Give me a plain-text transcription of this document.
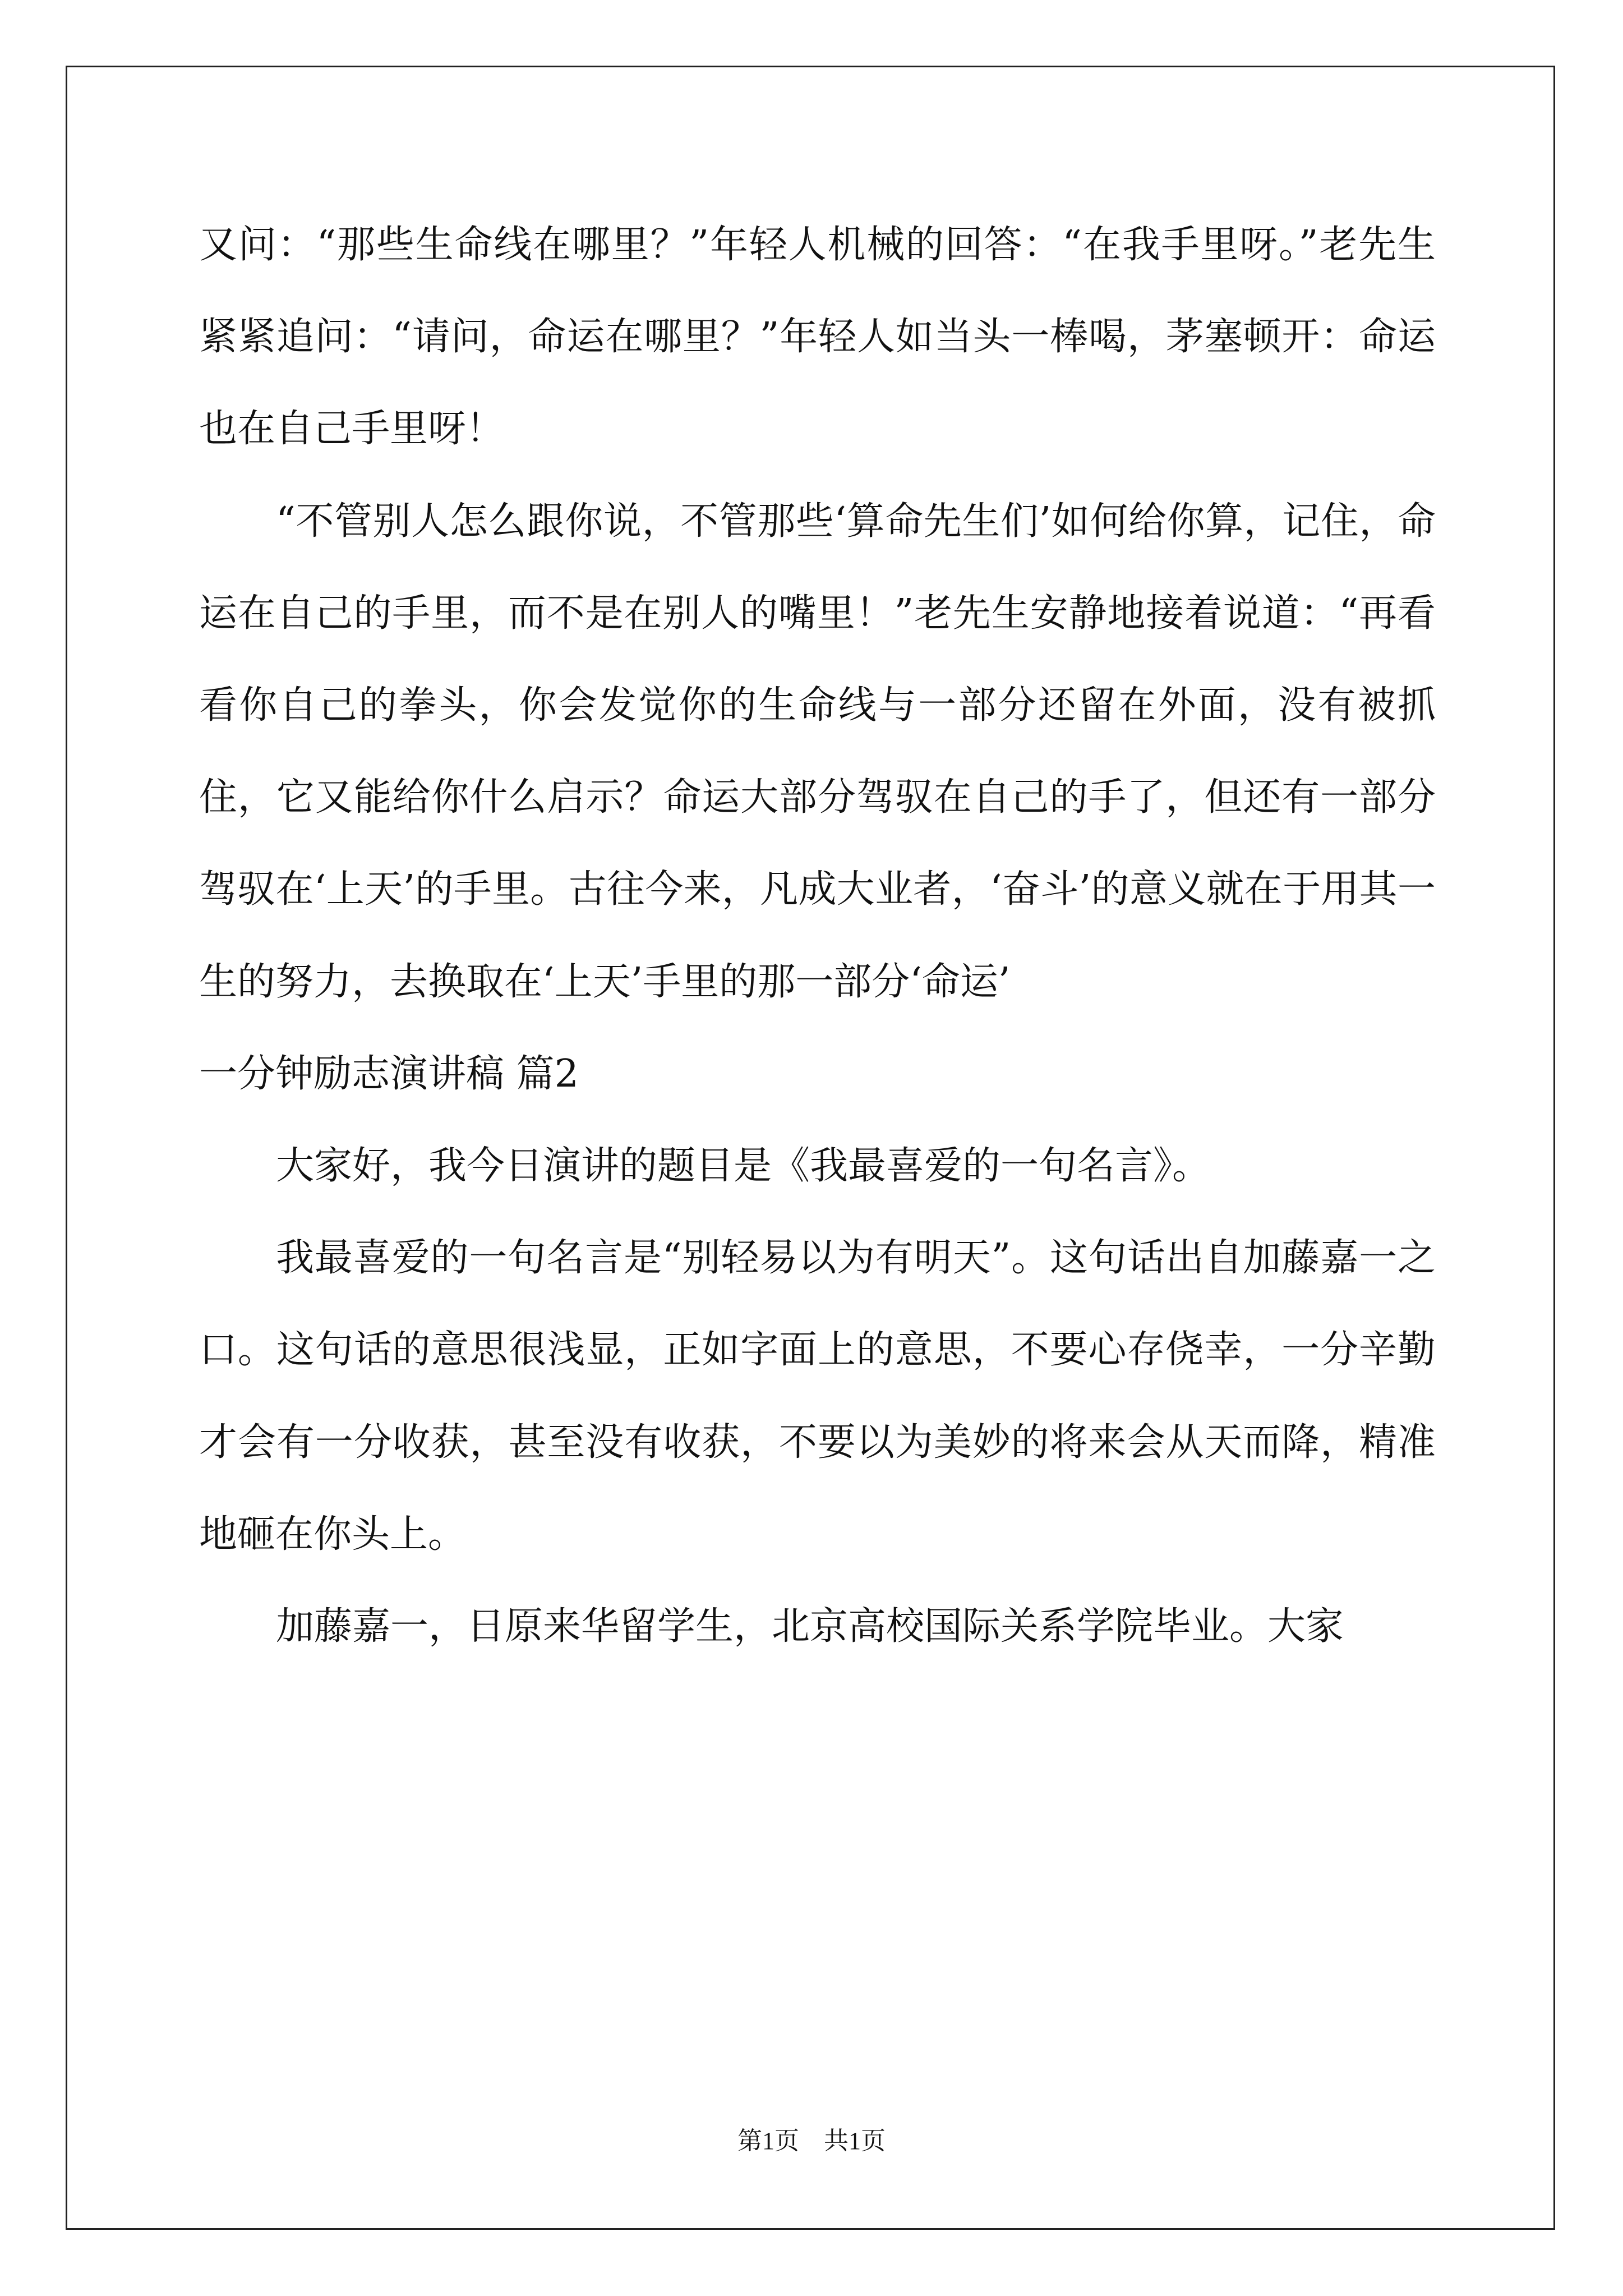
又问：“那些生命线在哪里？”年轻人机械的回答：“在我手里呀。”老先生紧紧追问：“请问，命运在哪里？”年轻人如当头一棒喝，茅塞顿开：命运也在自己手里呀！

“不管别人怎么跟你说，不管那些‘算命先生们’如何给你算，记住，命运在自己的手里，而不是在别人的嘴里！”老先生安静地接着说道：“再看看你自己的拳头，你会发觉你的生命线与一部分还留在外面，没有被抓住，它又能给你什么启示？命运大部分驾驭在自己的手了，但还有一部分驾驭在‘上天’的手里。古往今来，凡成大业者，‘奋斗’的意义就在于用其一生的努力，去换取在‘上天’手里的那一部分‘命运’

一分钟励志演讲稿 篇2

大家好，我今日演讲的题目是《我最喜爱的一句名言》。

我最喜爱的一句名言是“别轻易以为有明天”。这句话出自加藤嘉一之口。这句话的意思很浅显，正如字面上的意思，不要心存侥幸，一分辛勤才会有一分收获，甚至没有收获，不要以为美妙的将来会从天而降，精准地砸在你头上。

加藤嘉一，日原来华留学生，北京高校国际关系学院毕业。大家

第1页 共1页
